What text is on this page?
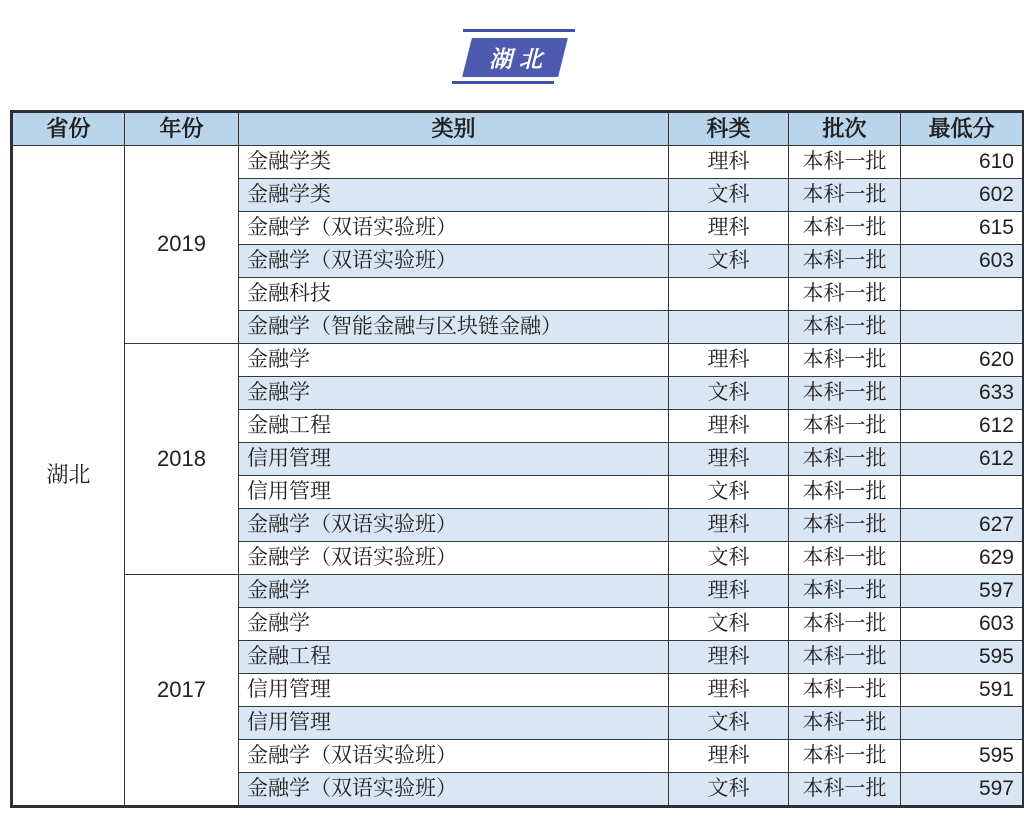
湖北
省份	年份	类别	科类	批次	最低分
湖北	2019	金融学类	理科	本科一批	610
		金融学类	文科	本科一批	602
		金融学（双语实验班）	理科	本科一批	615
		金融学（双语实验班）	文科	本科一批	603
		金融科技		本科一批	
		金融学（智能金融与区块链金融）		本科一批	
	2018	金融学	理科	本科一批	620
		金融学	文科	本科一批	633
		金融工程	理科	本科一批	612
		信用管理	理科	本科一批	612
		信用管理	文科	本科一批	
		金融学（双语实验班）	理科	本科一批	627
		金融学（双语实验班）	文科	本科一批	629
	2017	金融学	理科	本科一批	597
		金融学	文科	本科一批	603
		金融工程	理科	本科一批	595
		信用管理	理科	本科一批	591
		信用管理	文科	本科一批	
		金融学（双语实验班）	理科	本科一批	595
		金融学（双语实验班）	文科	本科一批	597
